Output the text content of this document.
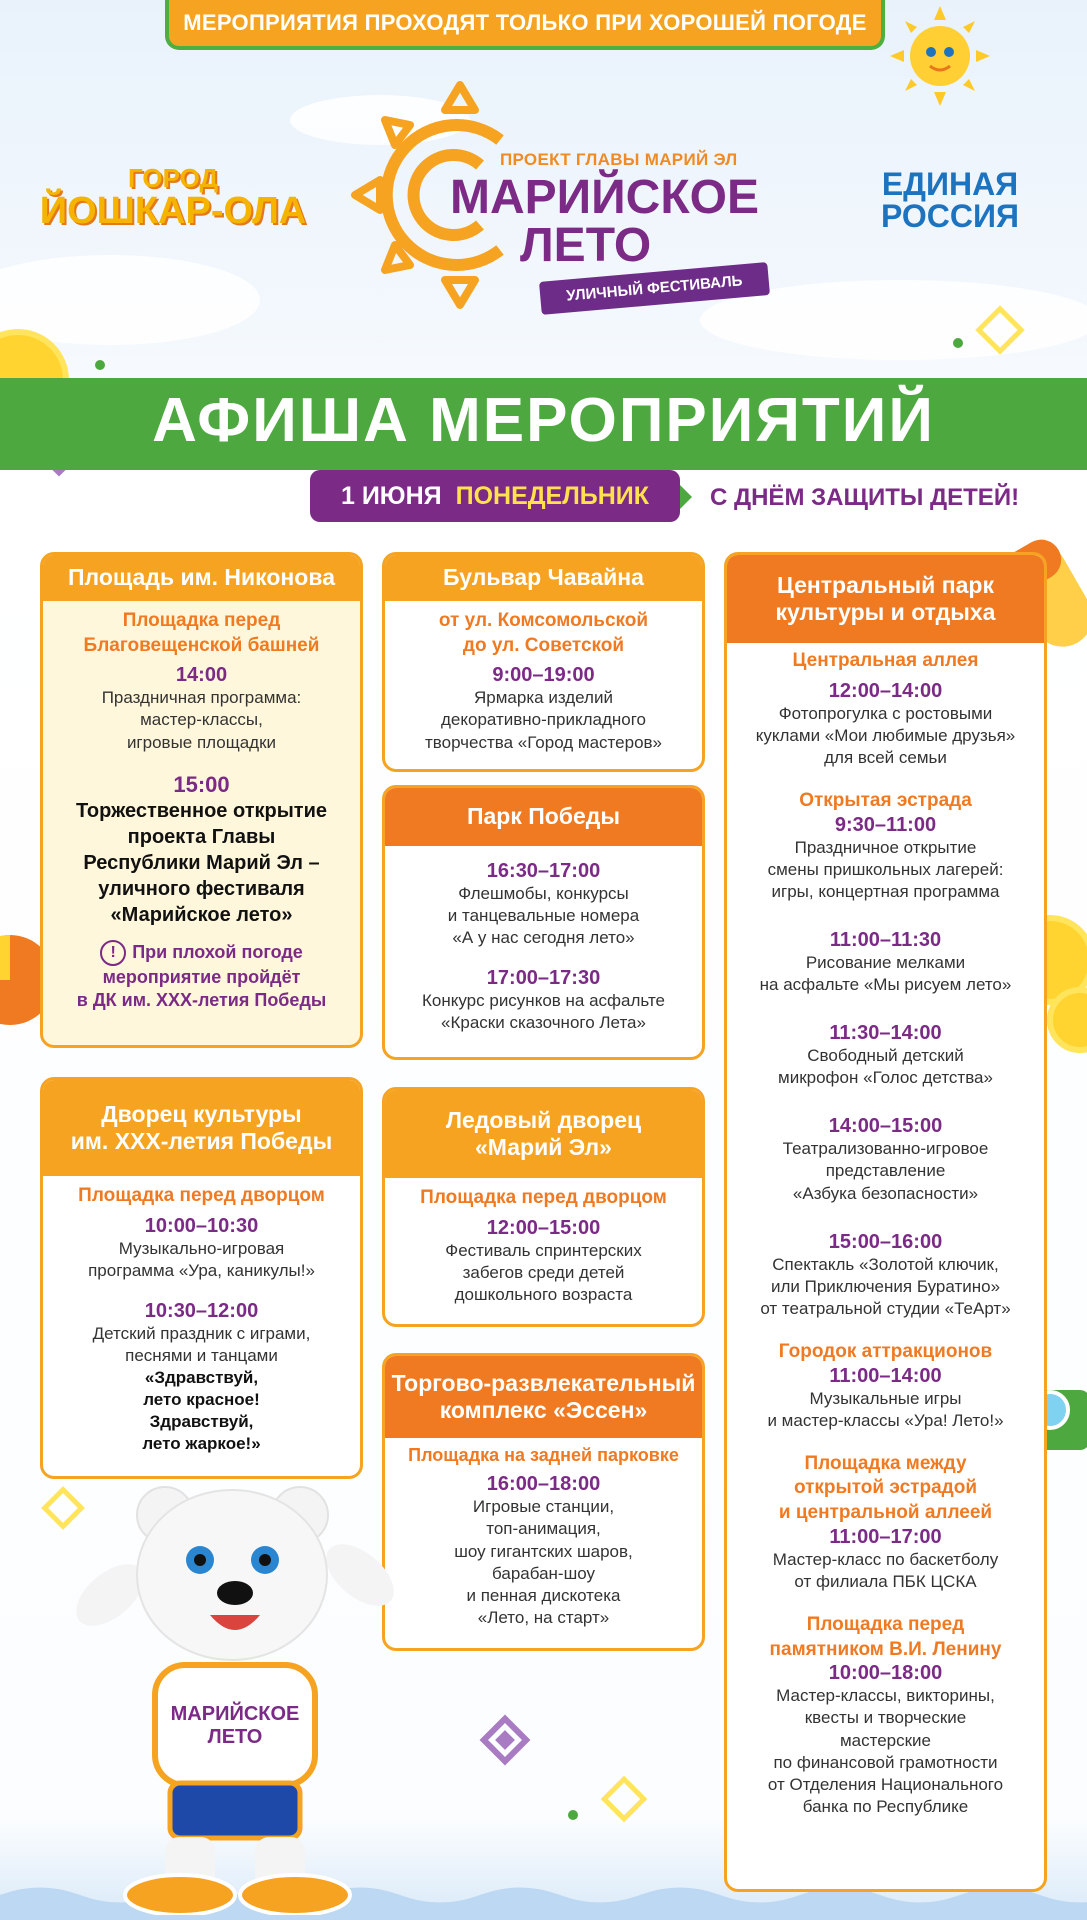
МЕРОПРИЯТИЯ ПРОХОДЯТ ТОЛЬКО ПРИ ХОРОШЕЙ ПОГОДЕ
ГОРОД
ЙОШКАР-ОЛА
ПРОЕКТ ГЛАВЫ МАРИЙ ЭЛ
МАРИЙСКОЕ
ЛЕТО
УЛИЧНЫЙ ФЕСТИВАЛЬ
ЕДИНАЯ
РОССИЯ
АФИША МЕРОПРИЯТИЙ
1 ИЮНЯ ПОНЕДЕЛЬНИК	С ДНЁМ ЗАЩИТЫ ДЕТЕЙ!
Площадь им. Никонова
Площадка перед
Благовещенской башней
14:00
Праздничная программа:
мастер-классы,
игровые площадки
15:00
Торжественное открытие
проекта Главы
Республики Марий Эл –
уличного фестиваля
«Марийское лето»
! При плохой погоде
мероприятие пройдёт
в ДК им. XXX-летия Победы
Бульвар Чавайна
от ул. Комсомольской
до ул. Советской
9:00–19:00
Ярмарка изделий
декоративно-прикладного
творчества «Город мастеров»
Парк Победы
16:30–17:00
Флешмобы, конкурсы
и танцевальные номера
«А у нас сегодня лето»
17:00–17:30
Конкурс рисунков на асфальте
«Краски сказочного Лета»
Дворец культуры
им. XXX-летия Победы
Площадка перед дворцом
10:00–10:30
Музыкально-игровая
программа «Ура, каникулы!»
10:30–12:00
Детский праздник с играми,
песнями и танцами
«Здравствуй,
лето красное!
Здравствуй,
лето жаркое!»
Ледовый дворец
«Марий Эл»
Площадка перед дворцом
12:00–15:00
Фестиваль спринтерских
забегов среди детей
дошкольного возраста
Торгово-развлекательный
комплекс «Эссен»
Площадка на задней парковке
16:00–18:00
Игровые станции,
топ-анимация,
шоу гигантских шаров,
барабан-шоу
и пенная дискотека
«Лето, на старт»
Центральный парк
культуры и отдыха
Центральная аллея
12:00–14:00
Фотопрогулка с ростовыми
куклами «Мои любимые друзья»
для всей семьи
Открытая эстрада
9:30–11:00
Праздничное открытие
смены пришкольных лагерей:
игры, концертная программа
11:00–11:30
Рисование мелками
на асфальте «Мы рисуем лето»
11:30–14:00
Свободный детский
микрофон «Голос детства»
14:00–15:00
Театрализованно-игровое
представление
«Азбука безопасности»
15:00–16:00
Спектакль «Золотой ключик,
или Приключения Буратино»
от театральной студии «ТеАрт»
Городок аттракционов
11:00–14:00
Музыкальные игры
и мастер-классы «Ура! Лето!»
Площадка между
открытой эстрадой
и центральной аллеей
11:00–17:00
Мастер-класс по баскетболу
от филиала ПБК ЦСКА
Площадка перед
памятником В.И. Ленину
10:00–18:00
Мастер-классы, викторины,
квесты и творческие
мастерские
по финансовой грамотности
от Отделения Национального
банка по Республике
МАРИЙСКОЕ
ЛЕТО
